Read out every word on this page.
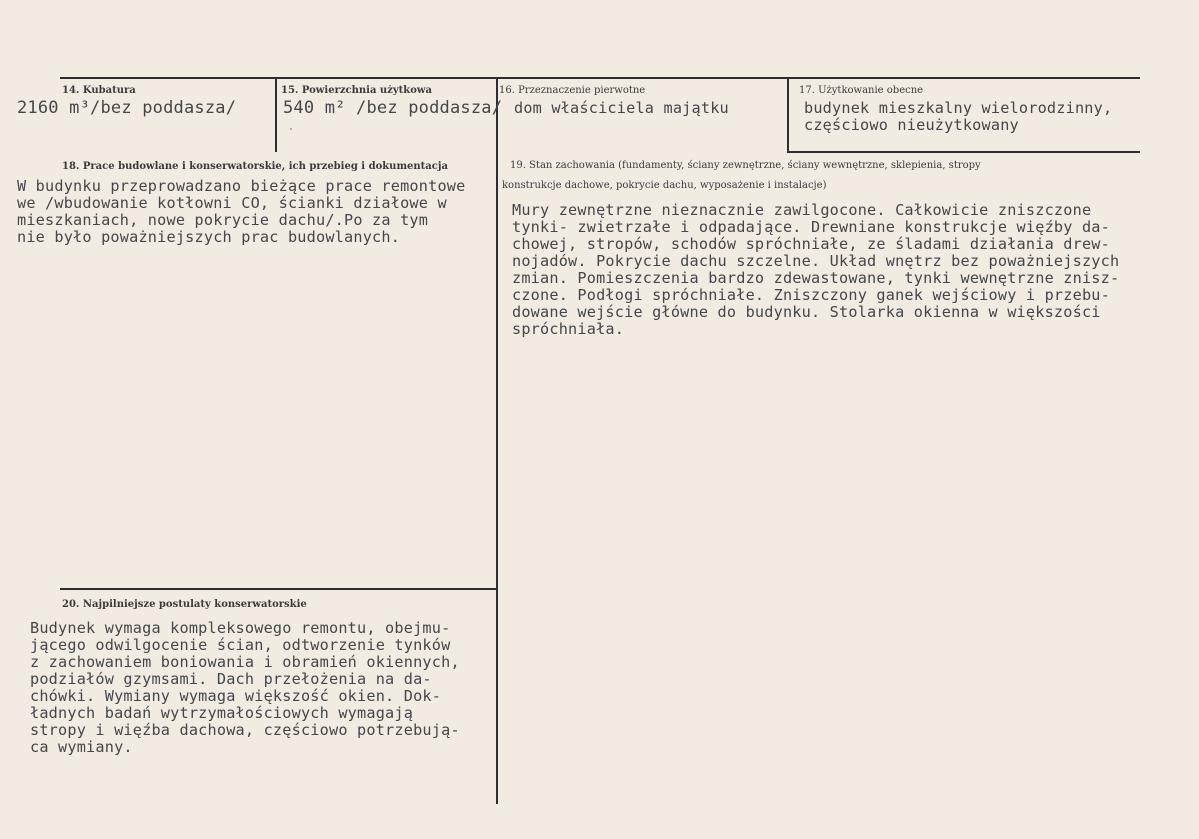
14. Kubatura
2160 m³/bez poddasza/
15. Powierzchnia użytkowa
540 m² /bez poddasza/
16. Przeznaczenie pierwotne
dom właściciela majątku
17. Użytkowanie obecne
budynek mieszkalny wielorodzinny,
częściowo nieużytkowany
18. Prace budowlane i konserwatorskie, ich przebieg i dokumentacja
W budynku przeprowadzano bieżące prace remontowe
we /wbudowanie kotłowni CO, ścianki działowe w
mieszkaniach, nowe pokrycie dachu/.Po za tym
nie było poważniejszych prac budowlanych.
19. Stan zachowania (fundamenty, ściany zewnętrzne, ściany wewnętrzne, sklepienia, stropy
konstrukcje dachowe, pokrycie dachu, wyposażenie i instalacje)
Mury zewnętrzne nieznacznie zawilgocone. Całkowicie zniszczone
tynki- zwietrzałe i odpadające. Drewniane konstrukcje więźby da-
chowej, stropów, schodów spróchniałe, ze śladami działania drew-
nojadów. Pokrycie dachu szczelne. Układ wnętrz bez poważniejszych
zmian. Pomieszczenia bardzo zdewastowane, tynki wewnętrzne znisz-
czone. Podłogi spróchniałe. Zniszczony ganek wejściowy i przebu-
dowane wejście główne do budynku. Stolarka okienna w większości
spróchniała.
20. Najpilniejsze postulaty konserwatorskie
Budynek wymaga kompleksowego remontu, obejmu-
jącego odwilgocenie ścian, odtworzenie tynków
z zachowaniem boniowania i obramień okiennych,
podziałów gzymsami. Dach przełożenia na da-
chówki. Wymiany wymaga większość okien. Dok-
ładnych badań wytrzymałościowych wymagają
stropy i więźba dachowa, częściowo potrzebują-
ca wymiany.
